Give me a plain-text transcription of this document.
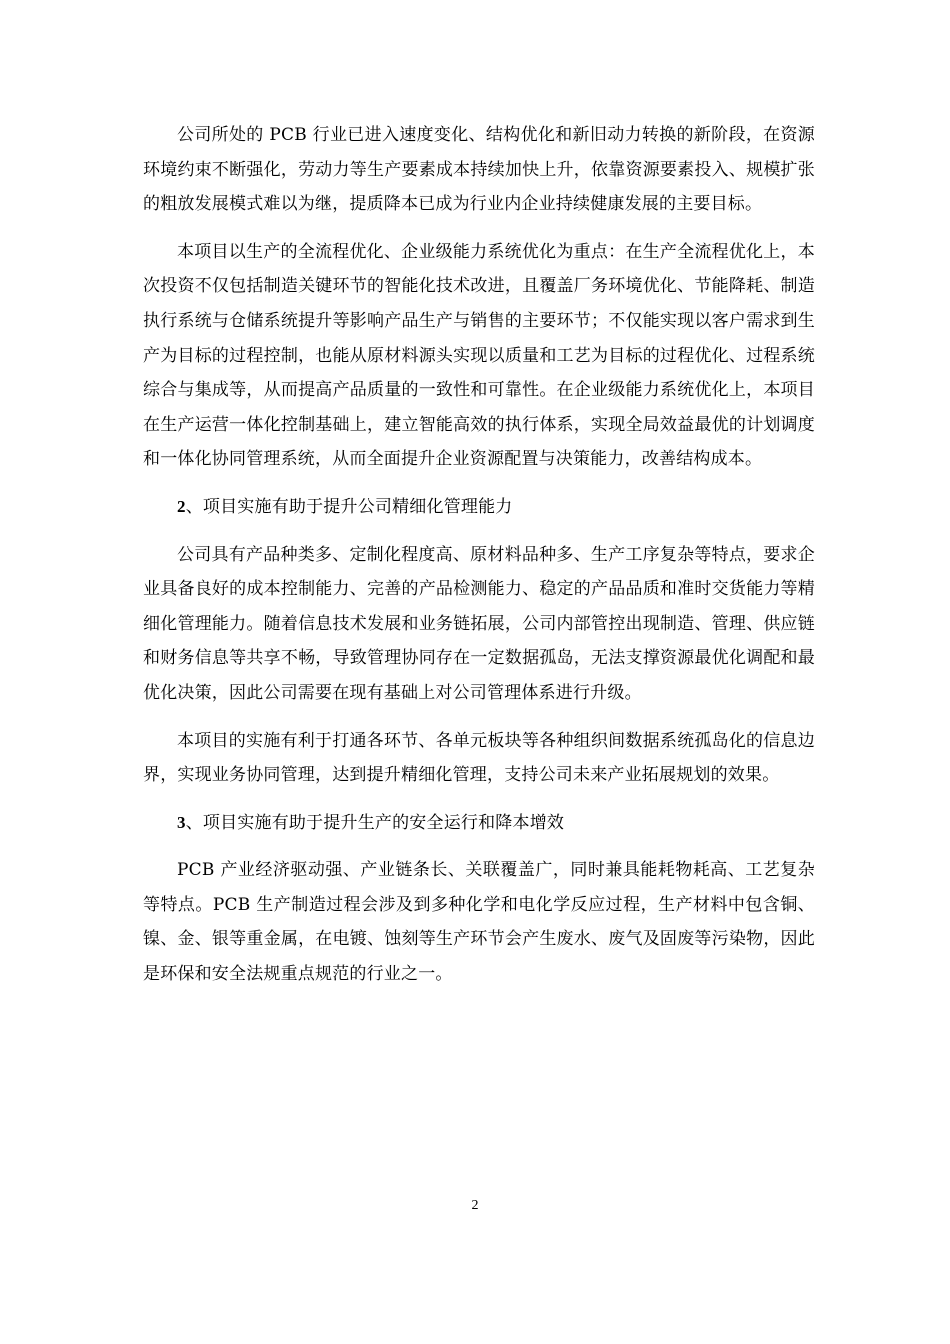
公司所处的 PCB 行业已进入速度变化、结构优化和新旧动力转换的新阶段，在资源环境约束不断强化，劳动力等生产要素成本持续加快上升，依靠资源要素投入、规模扩张的粗放发展模式难以为继，提质降本已成为行业内企业持续健康发展的主要目标。

本项目以生产的全流程优化、企业级能力系统优化为重点：在生产全流程优化上，本次投资不仅包括制造关键环节的智能化技术改进，且覆盖厂务环境优化、节能降耗、制造执行系统与仓储系统提升等影响产品生产与销售的主要环节；不仅能实现以客户需求到生产为目标的过程控制，也能从原材料源头实现以质量和工艺为目标的过程优化、过程系统综合与集成等，从而提高产品质量的一致性和可靠性。在企业级能力系统优化上，本项目在生产运营一体化控制基础上，建立智能高效的执行体系，实现全局效益最优的计划调度和一体化协同管理系统，从而全面提升企业资源配置与决策能力，改善结构成本。

2、项目实施有助于提升公司精细化管理能力

公司具有产品种类多、定制化程度高、原材料品种多、生产工序复杂等特点，要求企业具备良好的成本控制能力、完善的产品检测能力、稳定的产品品质和准时交货能力等精细化管理能力。随着信息技术发展和业务链拓展，公司内部管控出现制造、管理、供应链和财务信息等共享不畅，导致管理协同存在一定数据孤岛，无法支撑资源最优化调配和最优化决策，因此公司需要在现有基础上对公司管理体系进行升级。

本项目的实施有利于打通各环节、各单元板块等各种组织间数据系统孤岛化的信息边界，实现业务协同管理，达到提升精细化管理，支持公司未来产业拓展规划的效果。

3、项目实施有助于提升生产的安全运行和降本增效

PCB 产业经济驱动强、产业链条长、关联覆盖广，同时兼具能耗物耗高、工艺复杂等特点。PCB 生产制造过程会涉及到多种化学和电化学反应过程，生产材料中包含铜、镍、金、银等重金属，在电镀、蚀刻等生产环节会产生废水、废气及固废等污染物，因此是环保和安全法规重点规范的行业之一。

2
